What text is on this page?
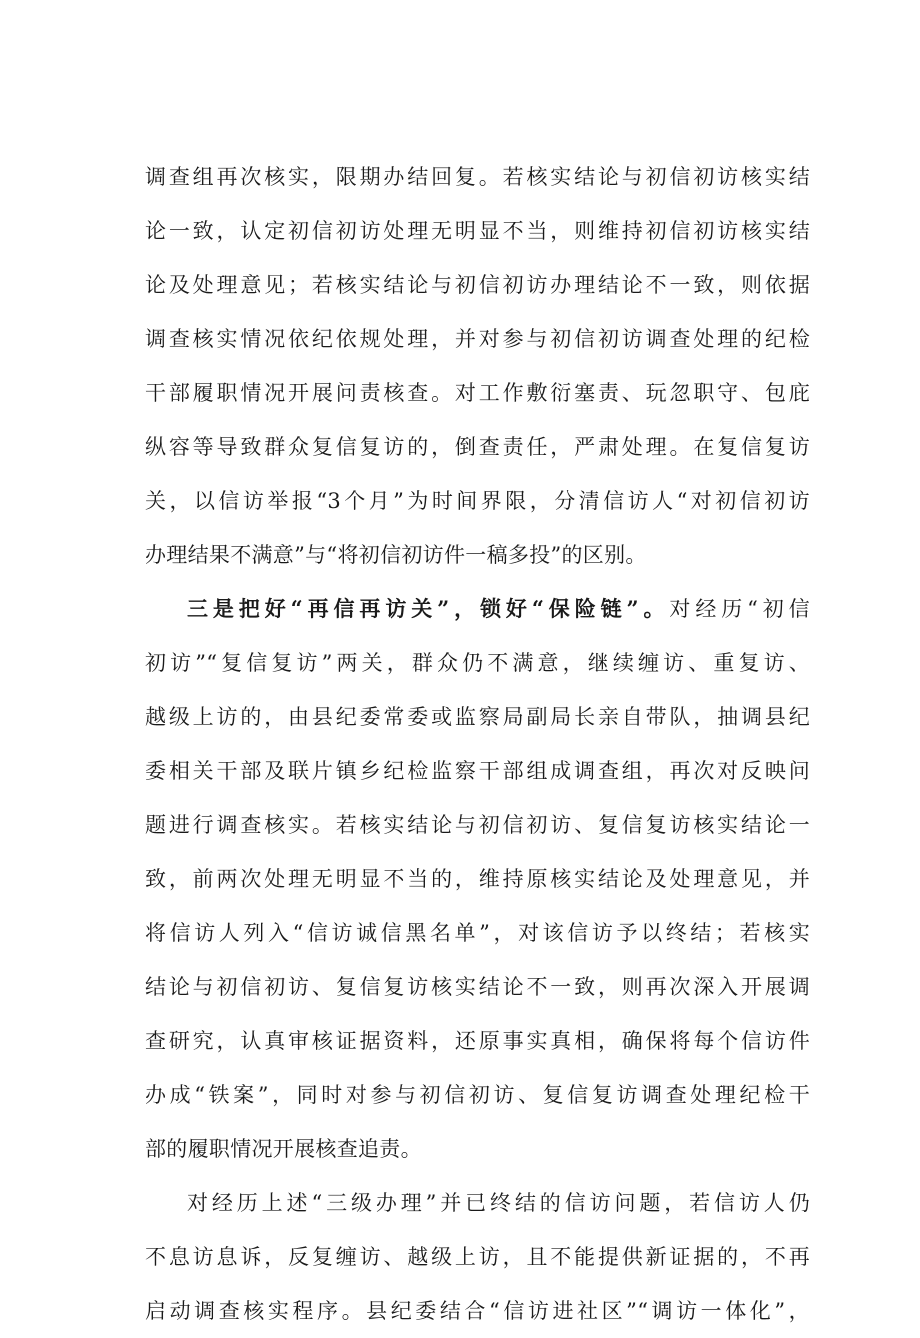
调查组再次核实，限期办结回复。若核实结论与初信初访核实结
论一致，认定初信初访处理无明显不当，则维持初信初访核实结
论及处理意见；若核实结论与初信初访办理结论不一致，则依据
调查核实情况依纪依规处理，并对参与初信初访调查处理的纪检
干部履职情况开展问责核查。对工作敷衍塞责、玩忽职守、包庇
纵容等导致群众复信复访的，倒查责任，严肃处理。在复信复访
关，以信访举报“3个月”为时间界限，分清信访人“对初信初访
办理结果不满意”与“将初信初访件一稿多投”的区别。
三是把好“再信再访关”，锁好“保险链”。对经历“初信
初访”“复信复访”两关，群众仍不满意，继续缠访、重复访、
越级上访的，由县纪委常委或监察局副局长亲自带队，抽调县纪
委相关干部及联片镇乡纪检监察干部组成调查组，再次对反映问
题进行调查核实。若核实结论与初信初访、复信复访核实结论一
致，前两次处理无明显不当的，维持原核实结论及处理意见，并
将信访人列入“信访诚信黑名单”，对该信访予以终结；若核实
结论与初信初访、复信复访核实结论不一致，则再次深入开展调
查研究，认真审核证据资料，还原事实真相，确保将每个信访件
办成“铁案”，同时对参与初信初访、复信复访调查处理纪检干
部的履职情况开展核查追责。
对经历上述“三级办理”并已终结的信访问题，若信访人仍
不息访息诉，反复缠访、越级上访，且不能提供新证据的，不再
启动调查核实程序。县纪委结合“信访进社区”“调访一体化”，
